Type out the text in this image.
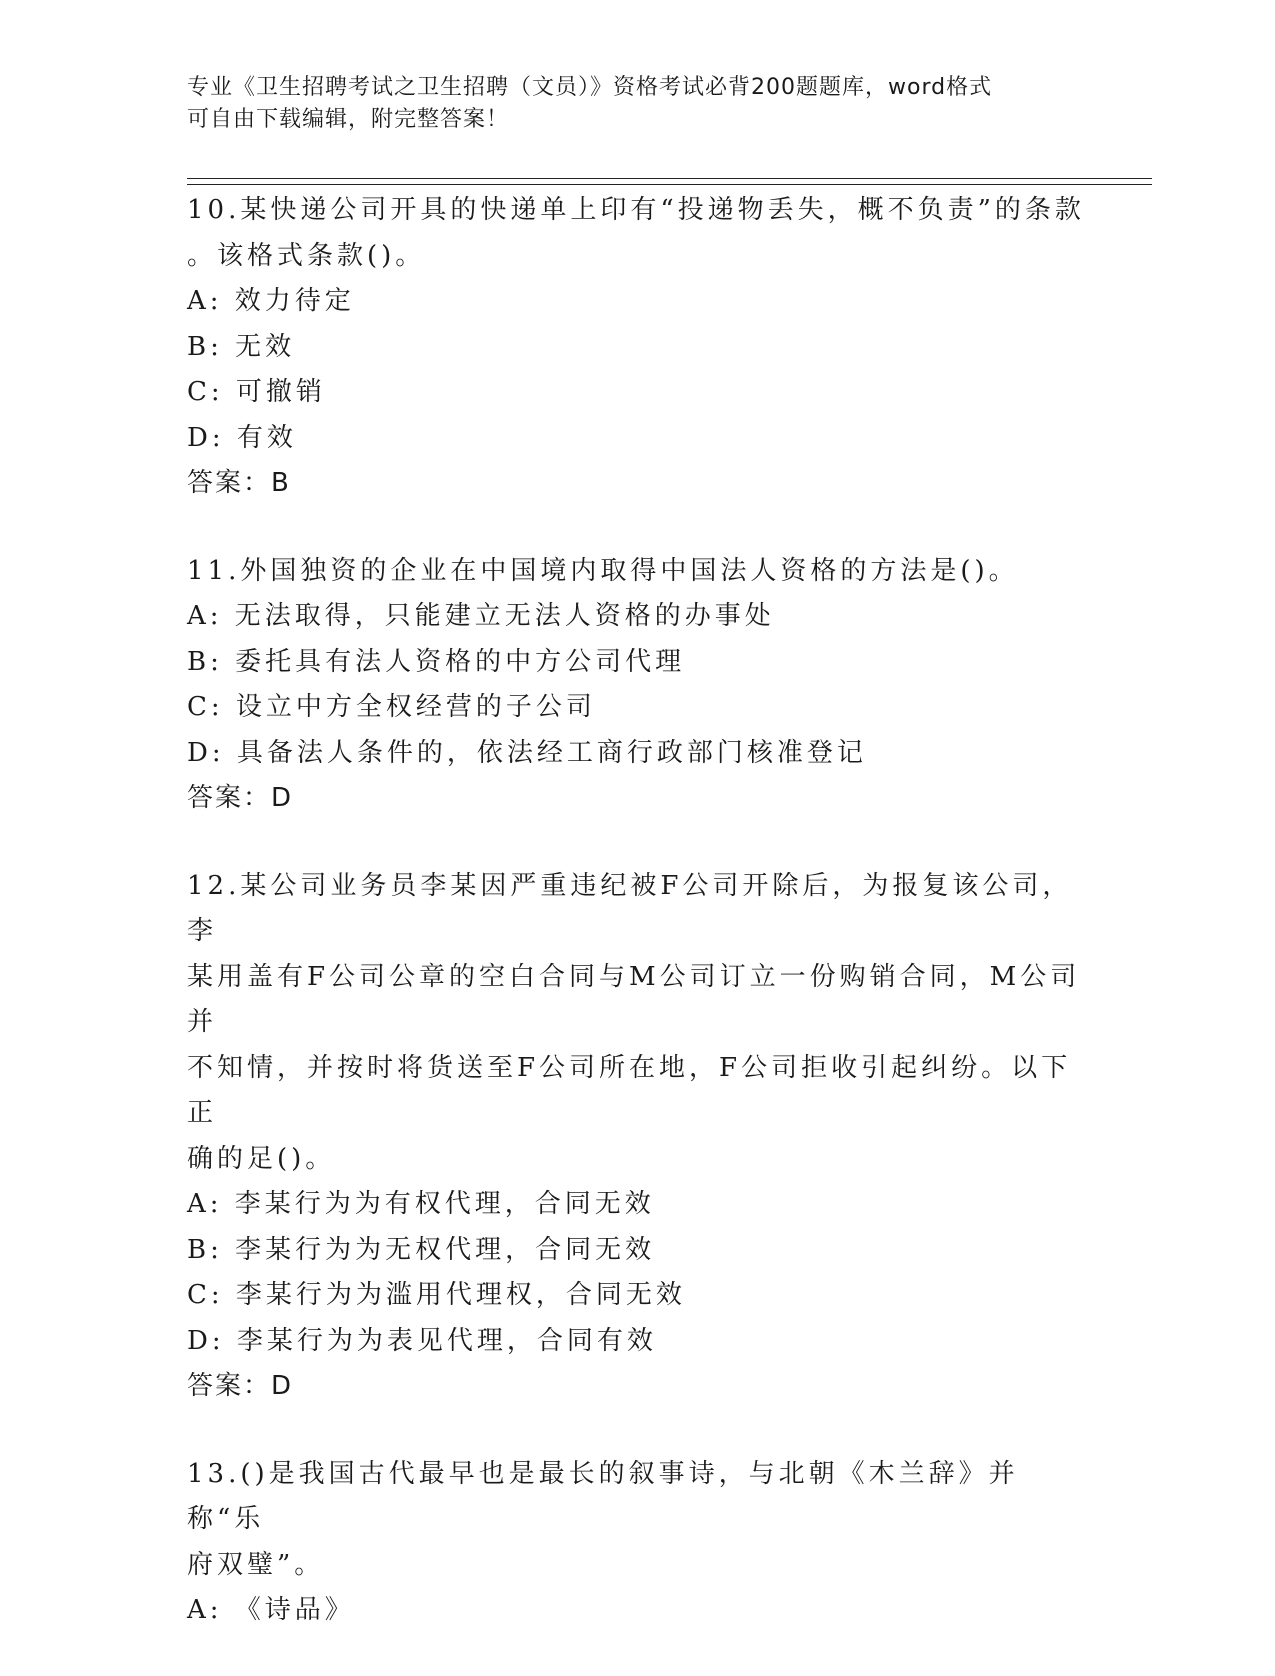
专业《卫生招聘考试之卫生招聘（文员）》资格考试必背200题题库，word格式
可自由下载编辑，附完整答案！

10.某快递公司开具的快递单上印有“投递物丢失，概不负责”的条款

。该格式条款()。

A: 效力待定

B: 无效

C: 可撤销

D: 有效

答案：B

11.外国独资的企业在中国境内取得中国法人资格的方法是()。

A: 无法取得，只能建立无法人资格的办事处

B: 委托具有法人资格的中方公司代理

C: 设立中方全权经营的子公司

D: 具备法人条件的，依法经工商行政部门核准登记

答案：D

12.某公司业务员李某因严重违纪被F公司开除后，为报复该公司，李

某用盖有F公司公章的空白合同与M公司订立一份购销合同，M公司并

不知情，并按时将货送至F公司所在地，F公司拒收引起纠纷。以下正

确的足()。

A: 李某行为为有权代理，合同无效

B: 李某行为为无权代理，合同无效

C: 李某行为为滥用代理权，合同无效

D: 李某行为为表见代理，合同有效

答案：D

13.()是我国古代最早也是最长的叙事诗，与北朝《木兰辞》并称“乐

府双璧”。

A: 《诗品》
